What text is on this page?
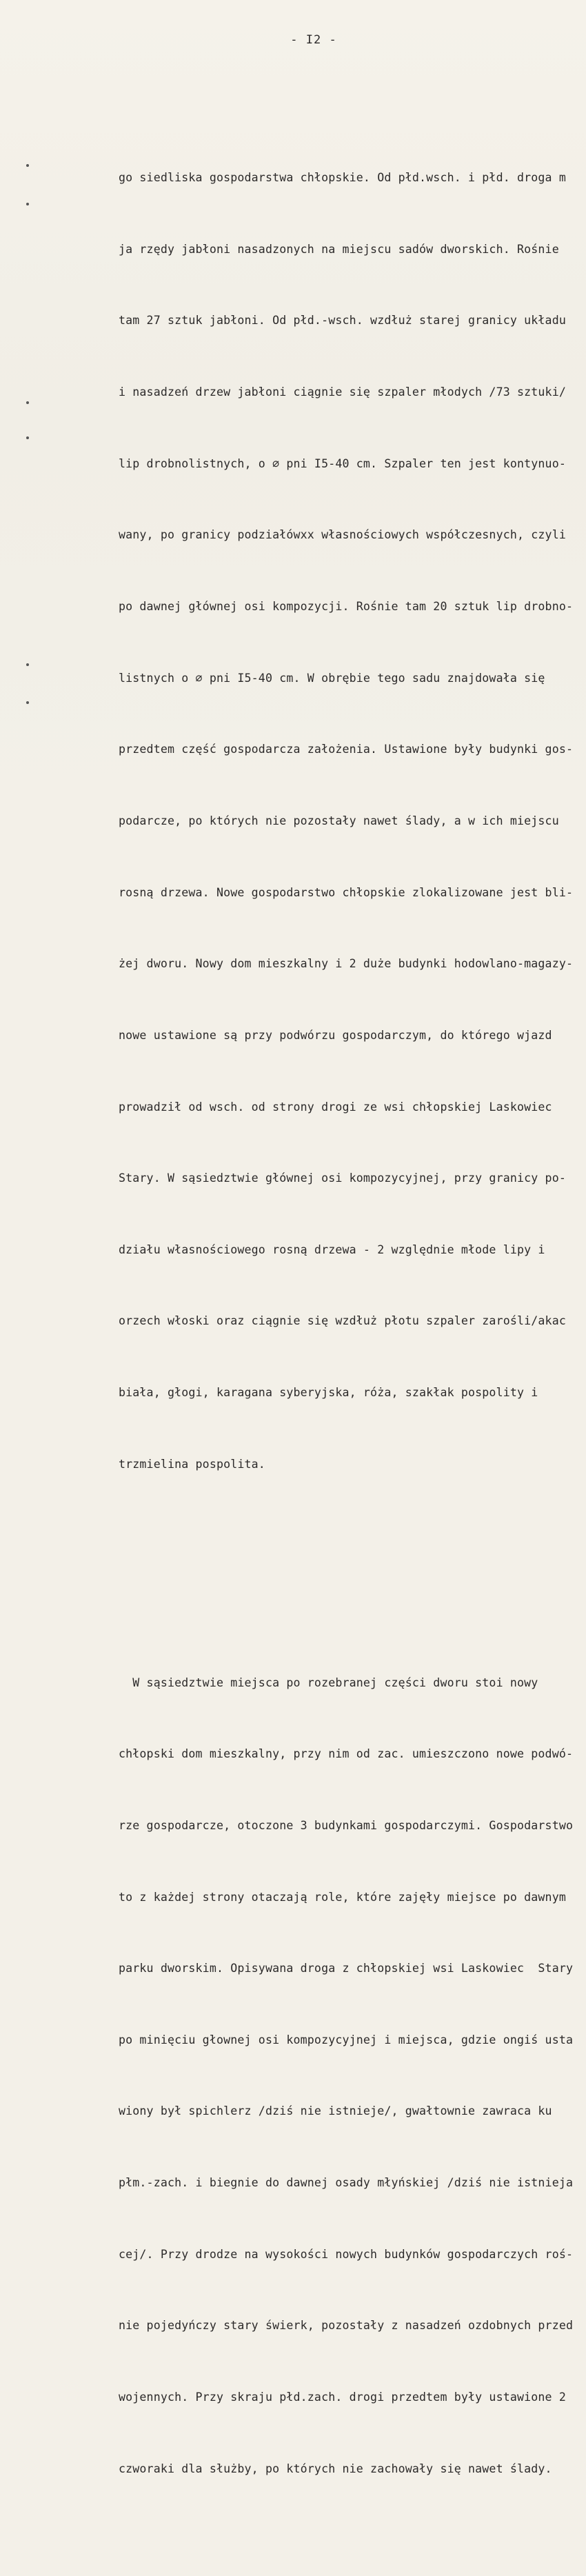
- I2 -

go siedliska gospodarstwa chłopskie. Od płd.wsch. i płd. droga m

ja rzędy jabłoni nasadzonych na miejscu sadów dworskich. Rośnie

tam 27 sztuk jabłoni. Od płd.-wsch. wzdłuż starej granicy układu

i nasadzeń drzew jabłoni ciągnie się szpaler młodych /73 sztuki/

lip drobnolistnych, o ∅ pni I5-40 cm. Szpaler ten jest kontynuo-

wany, po granicy podziałówxx własnościowych współczesnych, czyli

po dawnej głównej osi kompozycji. Rośnie tam 20 sztuk lip drobno-

listnych o ∅ pni I5-40 cm. W obrębie tego sadu znajdowała się

przedtem część gospodarcza założenia. Ustawione były budynki gos-

podarcze, po których nie pozostały nawet ślady, a w ich miejscu

rosną drzewa. Nowe gospodarstwo chłopskie zlokalizowane jest bli-

żej dworu. Nowy dom mieszkalny i 2 duże budynki hodowlano-magazy-

nowe ustawione są przy podwórzu gospodarczym, do którego wjazd

prowadził od wsch. od strony drogi ze wsi chłopskiej Laskowiec

Stary. W sąsiedztwie głównej osi kompozycyjnej, przy granicy po-

działu własnościowego rosną drzewa - 2 względnie młode lipy i

orzech włoski oraz ciągnie się wzdłuż płotu szpaler zarośli/akac

biała, głogi, karagana syberyjska, róża, szakłak pospolity i

trzmielina pospolita.

W sąsiedztwie miejsca po rozebranej części dworu stoi nowy

chłopski dom mieszkalny, przy nim od zac. umieszczono nowe podwó-

rze gospodarcze, otoczone 3 budynkami gospodarczymi. Gospodarstwo

to z każdej strony otaczają role, które zajęły miejsce po dawnym

parku dworskim. Opisywana droga z chłopskiej wsi Laskowiec  Stary

po minięciu głownej osi kompozycyjnej i miejsca, gdzie ongiś usta

wiony był spichlerz /dziś nie istnieje/, gwałtownie zawraca ku

płm.-zach. i biegnie do dawnej osady młyńskiej /dziś nie istnieja

cej/. Przy drodze na wysokości nowych budynków gospodarczych roś-

nie pojedyńczy stary świerk, pozostały z nasadzeń ozdobnych przed

wojennych. Przy skraju płd.zach. drogi przedtem były ustawione 2

czworaki dla służby, po których nie zachowały się nawet ślady.
